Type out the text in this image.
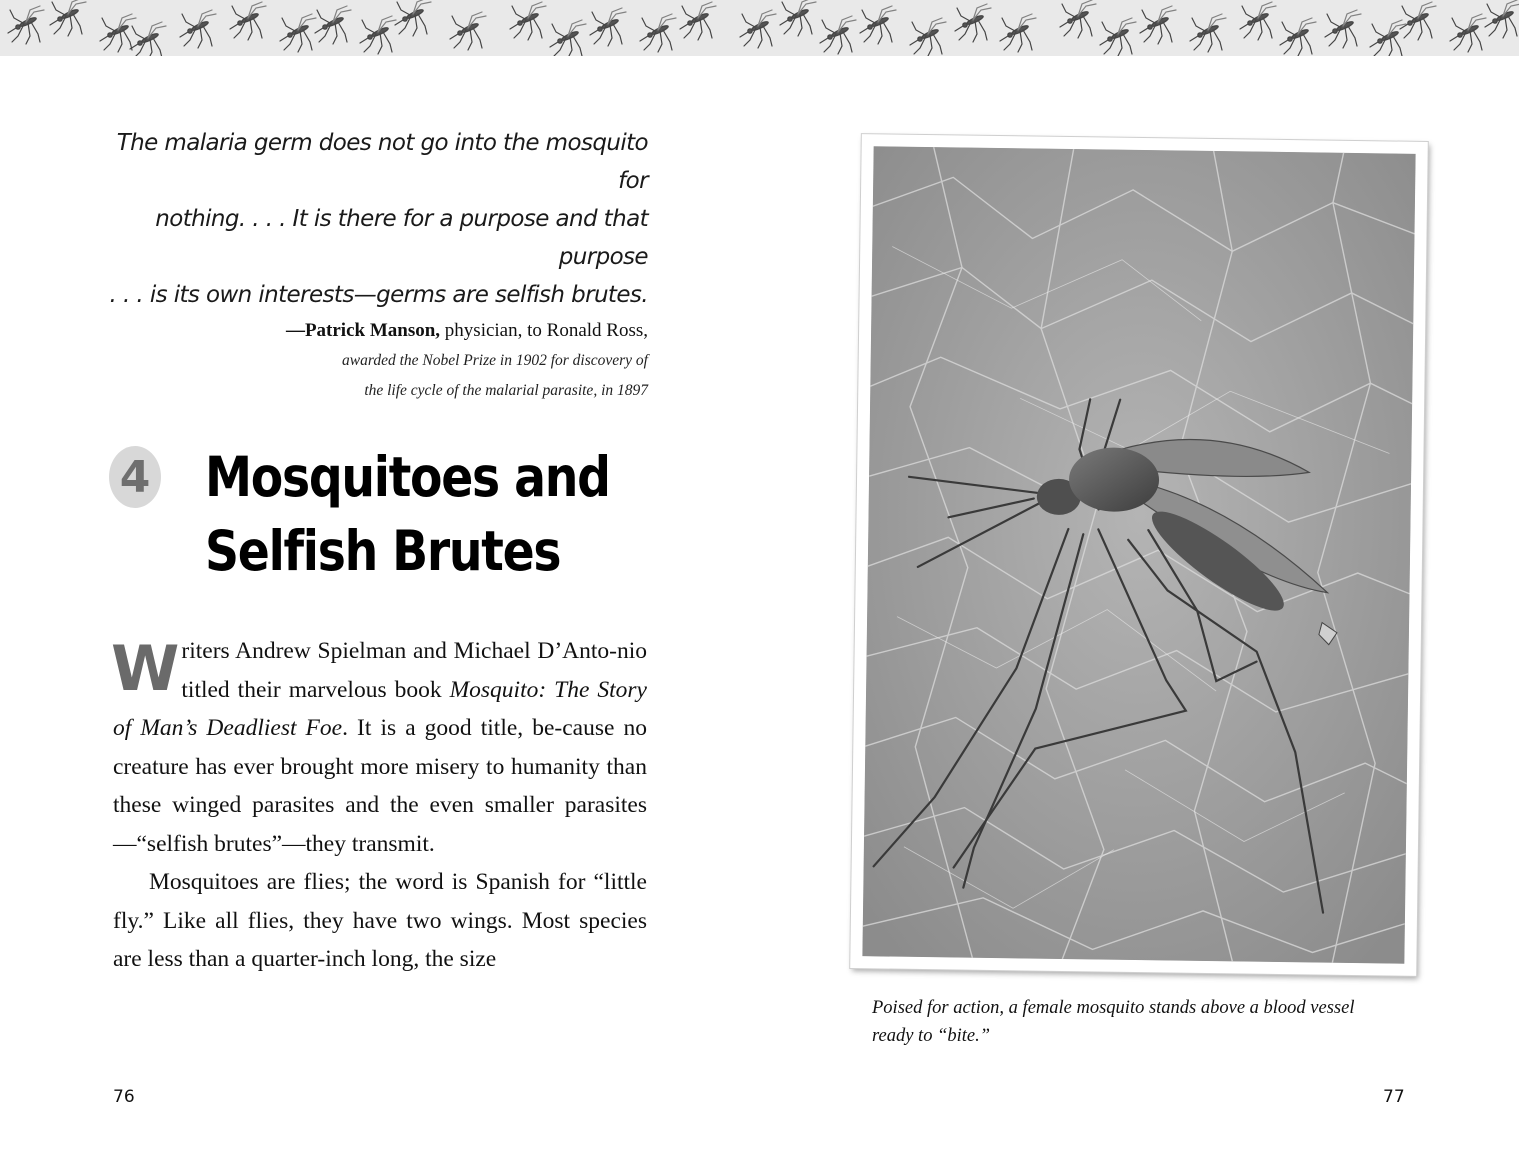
The malaria germ does not go into the mosquito for
nothing. . . . It is there for a purpose and that purpose
. . . is its own interests—germs are selfish brutes.
—Patrick Manson, physician, to Ronald Ross,
awarded the Nobel Prize in 1902 for discovery of
the life cycle of the malarial parasite, in 1897
4 Mosquitoes and
Selfish Brutes

Writers Andrew Spielman and Michael D’Anto-nio titled their marvelous book Mosquito: The Story of Man’s Deadliest Foe. It is a good title, be-cause no creature has ever brought more misery to humanity than these winged parasites and the even smaller parasites—“selfish brutes”—they transmit.

Mosquitoes are flies; the word is Spanish for “little fly.” Like all flies, they have two wings. Most species are less than a quarter-inch long, the size

76	77
Poised for action, a female mosquito stands above a blood vessel
ready to “bite.”
